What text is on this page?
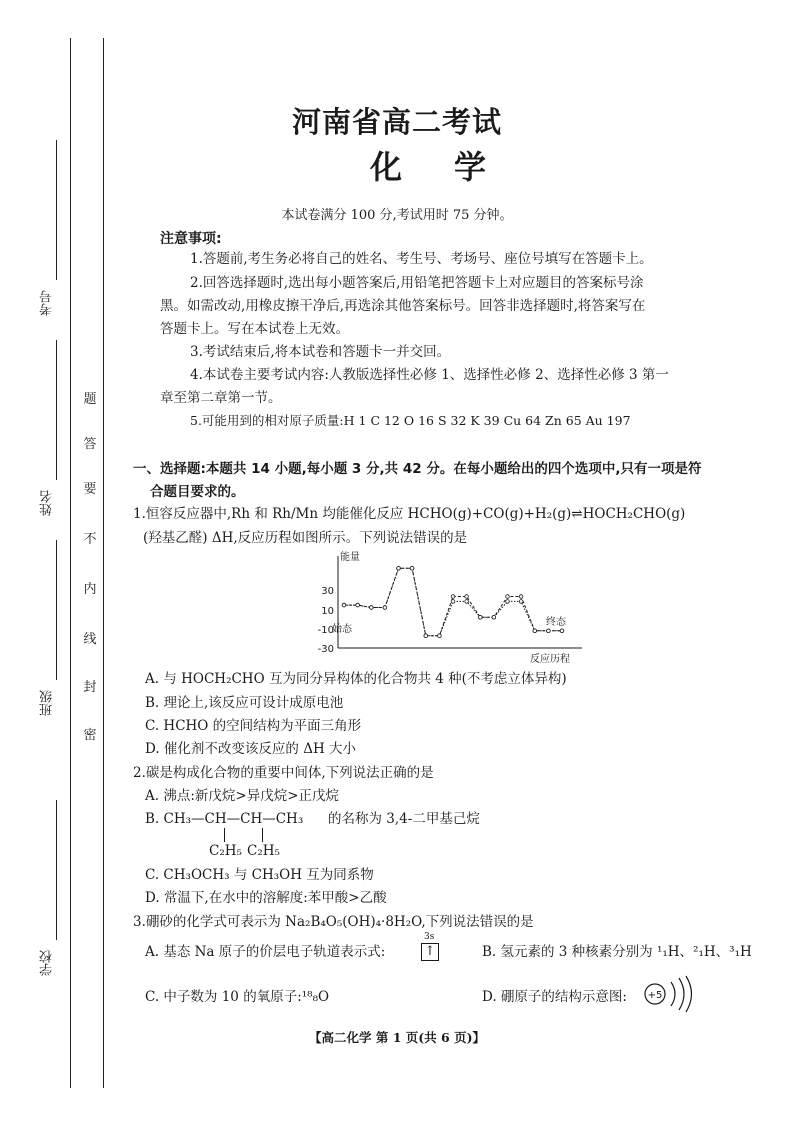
考号
姓名
班级
学校
题
答
要
不
内
线
封
密
河南省高二考试
化 学
本试卷满分 100 分,考试用时 75 分钟。
注意事项:
1.答题前,考生务必将自己的姓名、考生号、考场号、座位号填写在答题卡上。
2.回答选择题时,选出每小题答案后,用铅笔把答题卡上对应题目的答案标号涂
黑。如需改动,用橡皮擦干净后,再选涂其他答案标号。回答非选择题时,将答案写在
答题卡上。写在本试卷上无效。
3.考试结束后,将本试卷和答题卡一并交回。
4.本试卷主要考试内容:人教版选择性必修 1、选择性必修 2、选择性必修 3 第一
章至第二章第一节。
5.可能用到的相对原子质量:H 1 C 12 O 16 S 32 K 39 Cu 64 Zn 65 Au 197
一、选择题:本题共 14 小题,每小题 3 分,共 42 分。在每小题给出的四个选项中,只有一项是符
合题目要求的。
1.恒容反应器中,Rh 和 Rh/Mn 均能催化反应 HCHO(g)+CO(g)+H₂(g)⇌HOCH₂CHO(g)
(羟基乙醛) ΔH,反应历程如图所示。下列说法错误的是
能量
反应历程
30
10
-10
-30
始态
终态
A. 与 HOCH₂CHO 互为同分异构体的化合物共 4 种(不考虑立体异构)
B. 理论上,该反应可设计成原电池
C. HCHO 的空间结构为平面三角形
D. 催化剂不改变该反应的 ΔH 大小
2.碳是构成化合物的重要中间体,下列说法正确的是
A. 沸点:新戊烷>异戊烷>正戊烷
B. CH₃—CH—CH—CH₃ 的名称为 3,4-二甲基己烷
C₂H₅ C₂H₅
C. CH₃OCH₃ 与 CH₃OH 互为同系物
D. 常温下,在水中的溶解度:苯甲酸>乙酸
3.硼砂的化学式可表示为 Na₂B₄O₅(OH)₄·8H₂O,下列说法错误的是
A. 基态 Na 原子的价层电子轨道表示式:
3s
↑	B. 氢元素的 3 种核素分别为 ¹₁H、²₁H、³₁H
C. 中子数为 10 的氧原子:¹⁸₈O	D. 硼原子的结构示意图: +5
【高二化学 第 1 页(共 6 页)】
